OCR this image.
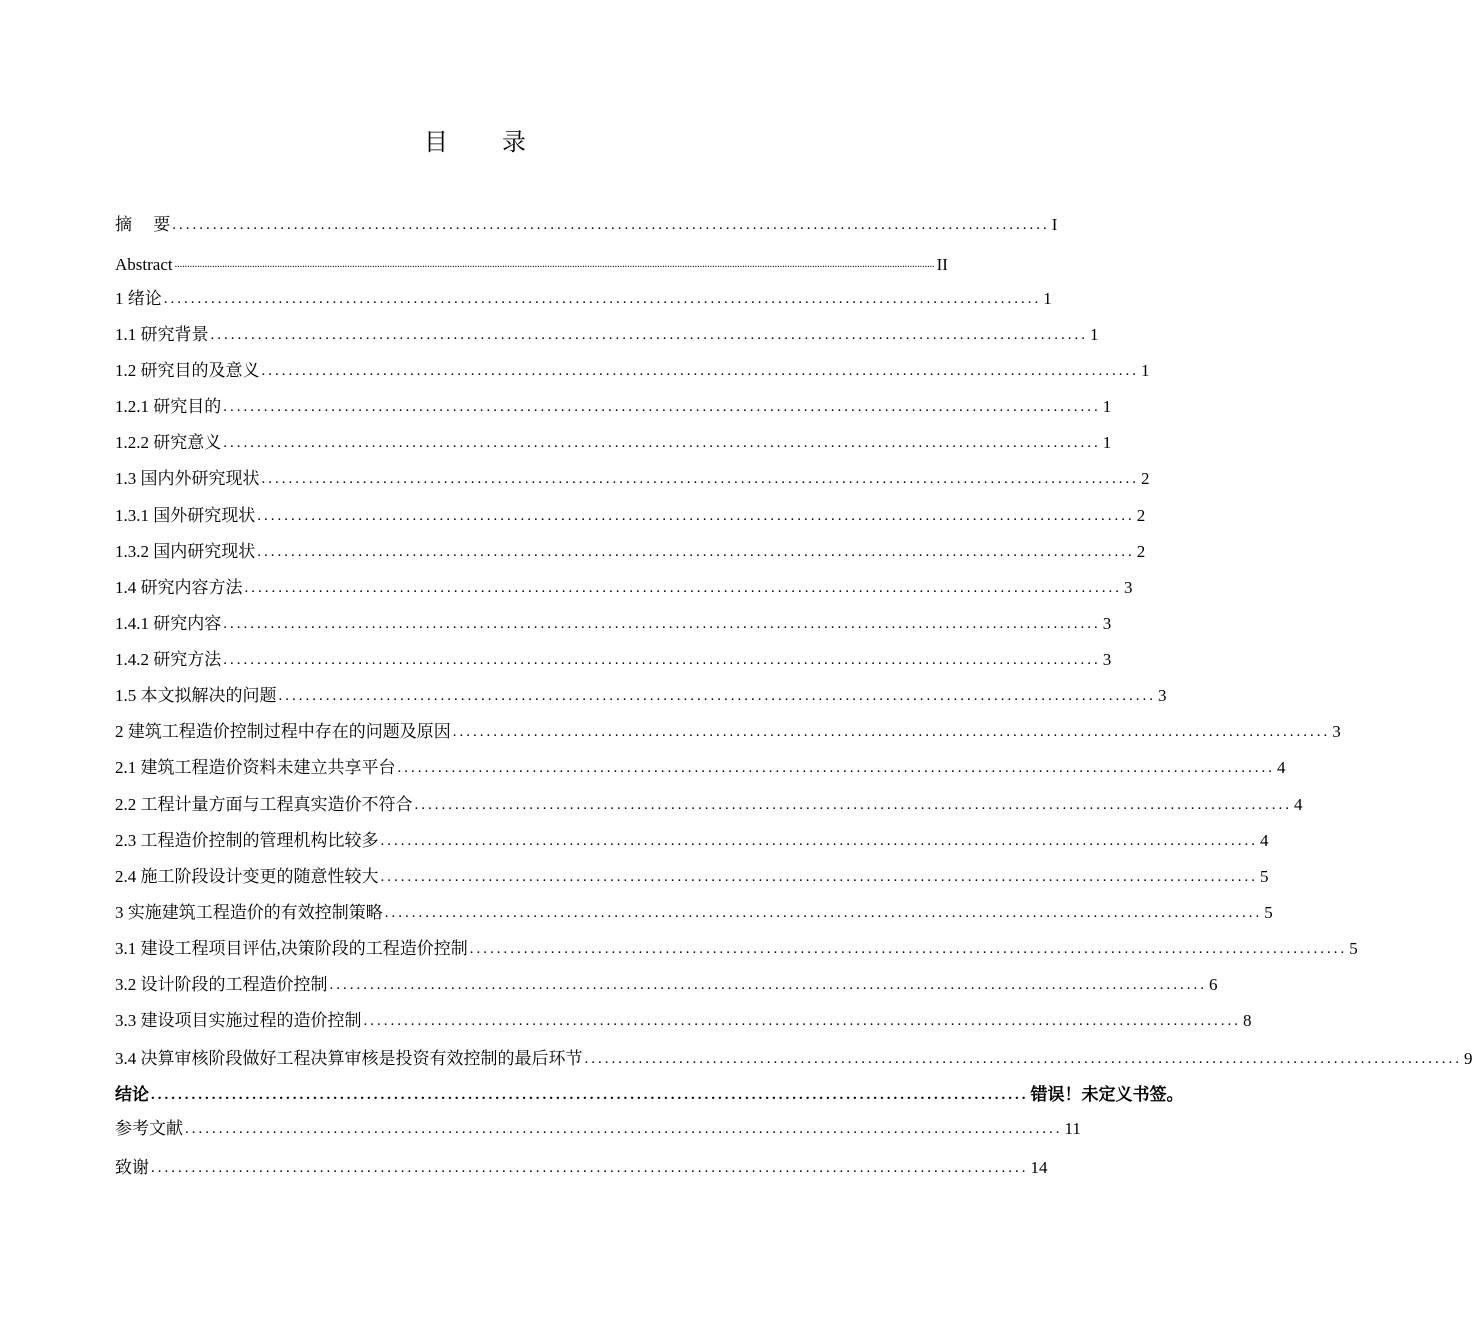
目 录
摘　 要 .................................................................................................................................. I
Abstract ................................................................................................................................................................................................................................................................................................................ II
1 绪论 .................................................................................................................................. 1
1.1 研究背景 .................................................................................................................................. 1
1.2 研究目的及意义 .................................................................................................................................. 1
1.2.1 研究目的 .................................................................................................................................. 1
1.2.2 研究意义 .................................................................................................................................. 1
1.3 国内外研究现状 .................................................................................................................................. 2
1.3.1 国外研究现状 .................................................................................................................................. 2
1.3.2 国内研究现状 .................................................................................................................................. 2
1.4 研究内容方法 .................................................................................................................................. 3
1.4.1 研究内容 .................................................................................................................................. 3
1.4.2 研究方法 .................................................................................................................................. 3
1.5 本文拟解决的问题 .................................................................................................................................. 3
2 建筑工程造价控制过程中存在的问题及原因 .................................................................................................................................. 3
2.1 建筑工程造价资料未建立共享平台 .................................................................................................................................. 4
2.2 工程计量方面与工程真实造价不符合 .................................................................................................................................. 4
2.3 工程造价控制的管理机构比较多 .................................................................................................................................. 4
2.4 施工阶段设计变更的随意性较大 .................................................................................................................................. 5
3 实施建筑工程造价的有效控制策略 .................................................................................................................................. 5
3.1 建设工程项目评估,决策阶段的工程造价控制 .................................................................................................................................. 5
3.2 设计阶段的工程造价控制 .................................................................................................................................. 6
3.3 建设项目实施过程的造价控制 .................................................................................................................................. 8
3.4 决算审核阶段做好工程决算审核是投资有效控制的最后环节 .................................................................................................................................. 9
结论 .................................................................................................................................. 错误！未定义书签。
参考文献 .................................................................................................................................. 11
致谢 .................................................................................................................................. 14
